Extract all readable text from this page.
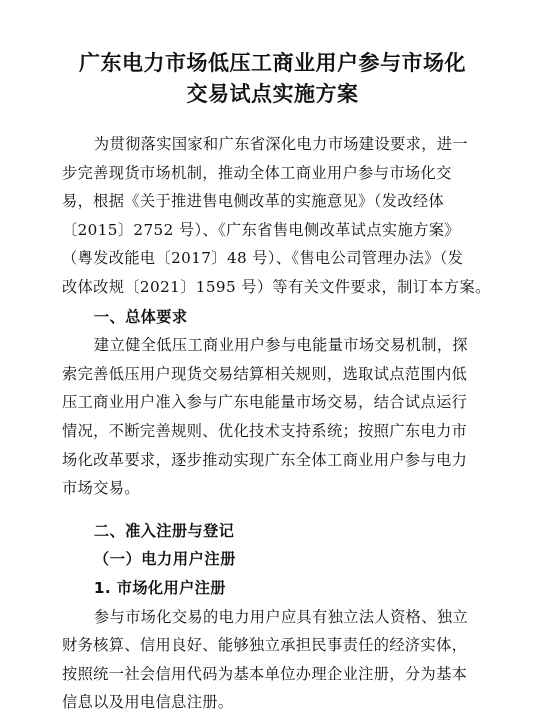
广东电力市场低压工商业用户参与市场化
交易试点实施方案
为贯彻落实国家和广东省深化电力市场建设要求，进一
步完善现货市场机制，推动全体工商业用户参与市场化交
易，根据《关于推进售电侧改革的实施意见》（发改经体
〔2015〕2752 号）、《广东省售电侧改革试点实施方案》
（粤发改能电〔2017〕48 号）、《售电公司管理办法》（发
改体改规〔2021〕1595 号）等有关文件要求，制订本方案。
一、总体要求
建立健全低压工商业用户参与电能量市场交易机制，探
索完善低压用户现货交易结算相关规则，选取试点范围内低
压工商业用户准入参与广东电能量市场交易，结合试点运行
情况，不断完善规则、优化技术支持系统；按照广东电力市
场化改革要求，逐步推动实现广东全体工商业用户参与电力
市场交易。
二、准入注册与登记
（一）电力用户注册
1. 市场化用户注册
参与市场化交易的电力用户应具有独立法人资格、独立
财务核算、信用良好、能够独立承担民事责任的经济实体，
按照统一社会信用代码为基本单位办理企业注册，分为基本
信息以及用电信息注册。
